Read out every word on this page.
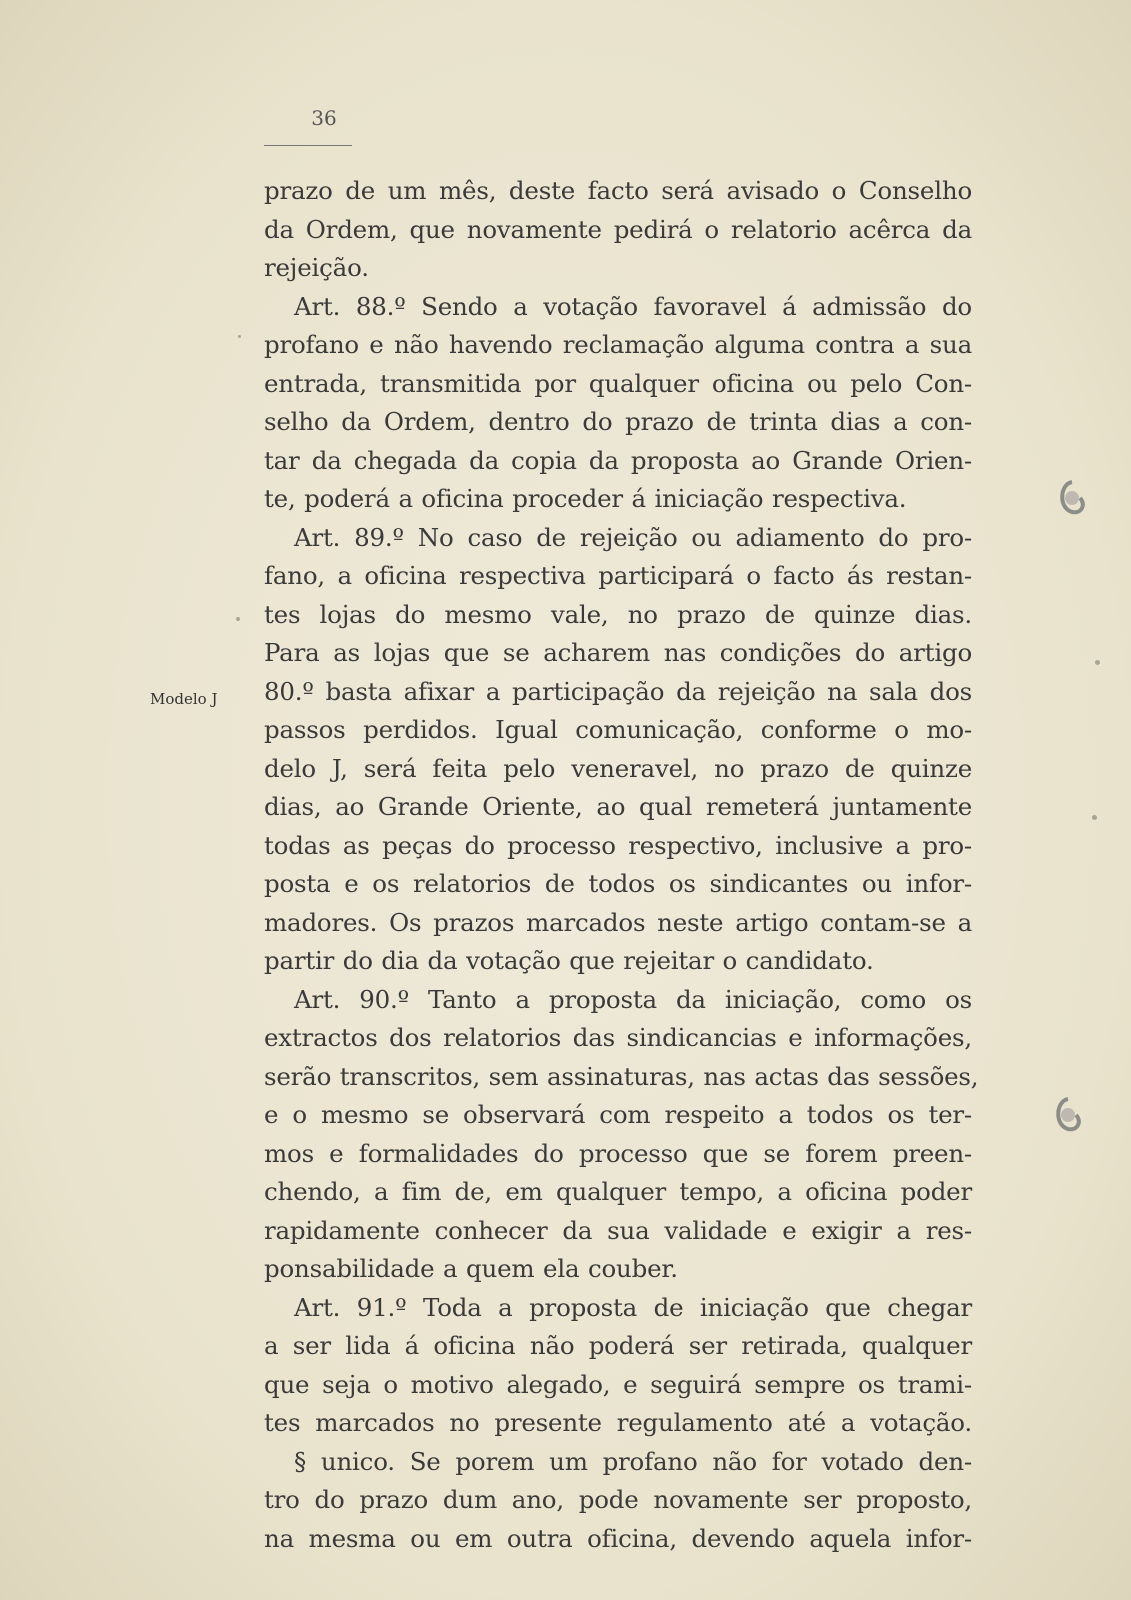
36
Modelo J
prazo de um mês, deste facto será avisado o Conselho
da Ordem, que novamente pedirá o relatorio acêrca da
rejeição.
Art. 88.º Sendo a votação favoravel á admissão do
profano e não havendo reclamação alguma contra a sua
entrada, transmitida por qualquer oficina ou pelo Con-
selho da Ordem, dentro do prazo de trinta dias a con-
tar da chegada da copia da proposta ao Grande Orien-
te, poderá a oficina proceder á iniciação respectiva.
Art. 89.º No caso de rejeição ou adiamento do pro-
fano, a oficina respectiva participará o facto ás restan-
tes lojas do mesmo vale, no prazo de quinze dias.
Para as lojas que se acharem nas condições do artigo
80.º basta afixar a participação da rejeição na sala dos
passos perdidos. Igual comunicação, conforme o mo-
delo J, será feita pelo veneravel, no prazo de quinze
dias, ao Grande Oriente, ao qual remeterá juntamente
todas as peças do processo respectivo, inclusive a pro-
posta e os relatorios de todos os sindicantes ou infor-
madores. Os prazos marcados neste artigo contam-se a
partir do dia da votação que rejeitar o candidato.
Art. 90.º Tanto a proposta da iniciação, como os
extractos dos relatorios das sindicancias e informações,
serão transcritos, sem assinaturas, nas actas das sessões,
e o mesmo se observará com respeito a todos os ter-
mos e formalidades do processo que se forem preen-
chendo, a fim de, em qualquer tempo, a oficina poder
rapidamente conhecer da sua validade e exigir a res-
ponsabilidade a quem ela couber.
Art. 91.º Toda a proposta de iniciação que chegar
a ser lida á oficina não poderá ser retirada, qualquer
que seja o motivo alegado, e seguirá sempre os trami-
tes marcados no presente regulamento até a votação.
§ unico. Se porem um profano não for votado den-
tro do prazo dum ano, pode novamente ser proposto,
na mesma ou em outra oficina, devendo aquela infor-
